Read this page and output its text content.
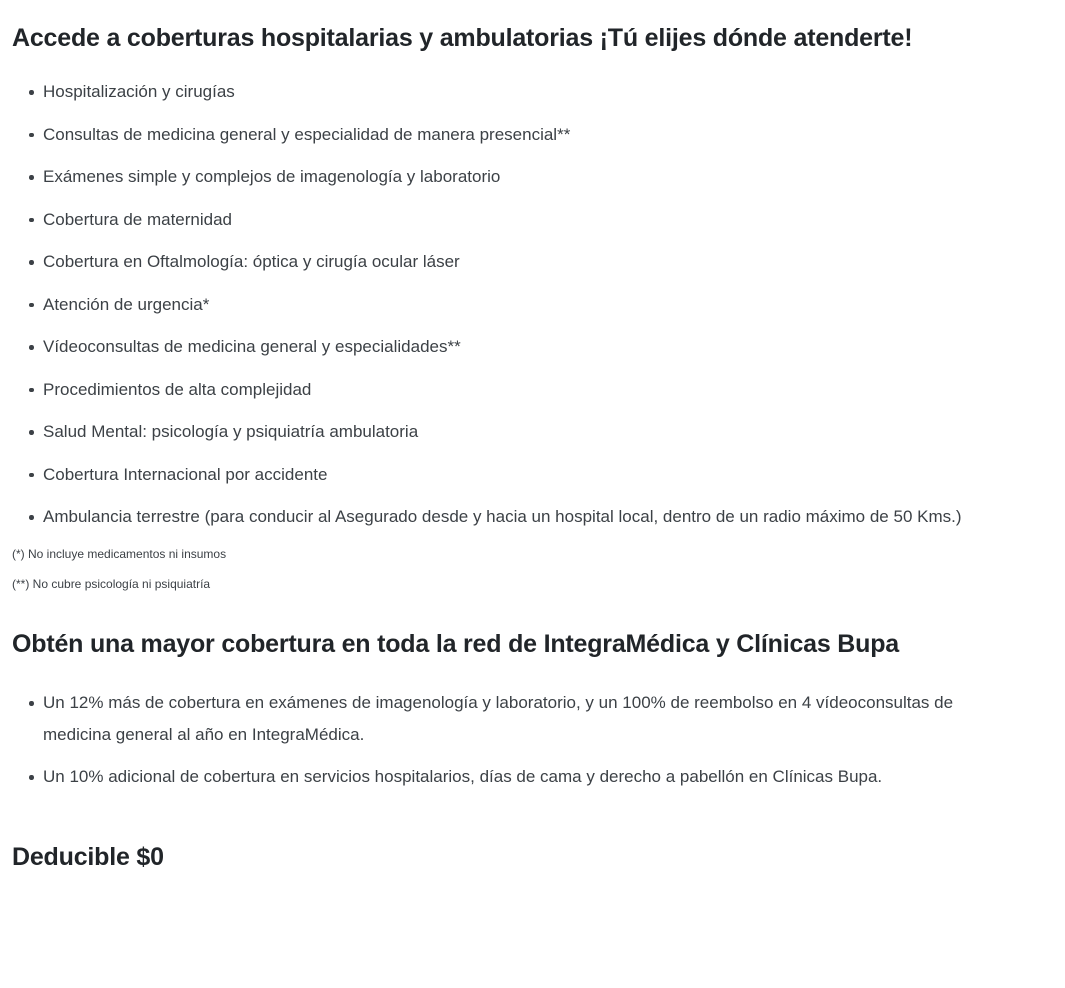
Accede a coberturas hospitalarias y ambulatorias ¡Tú elijes dónde atenderte!
Hospitalización y cirugías
Consultas de medicina general y especialidad de manera presencial**
Exámenes simple y complejos de imagenología y laboratorio
Cobertura de maternidad
Cobertura en Oftalmología: óptica y cirugía ocular láser
Atención de urgencia*
Vídeoconsultas de medicina general y especialidades**
Procedimientos de alta complejidad
Salud Mental: psicología y psiquiatría ambulatoria
Cobertura Internacional por accidente
Ambulancia terrestre (para conducir al Asegurado desde y hacia un hospital local, dentro de un radio máximo de 50 Kms.)

(*) No incluye medicamentos ni insumos

(**) No cubre psicología ni psiquiatría

Obtén una mayor cobertura en toda la red de IntegraMédica y Clínicas Bupa
Un 12% más de cobertura en exámenes de imagenología y laboratorio, y un 100% de reembolso en 4 vídeoconsultas de medicina general al año en IntegraMédica.
Un 10% adicional de cobertura en servicios hospitalarios, días de cama y derecho a pabellón en Clínicas Bupa.
Deducible $0
